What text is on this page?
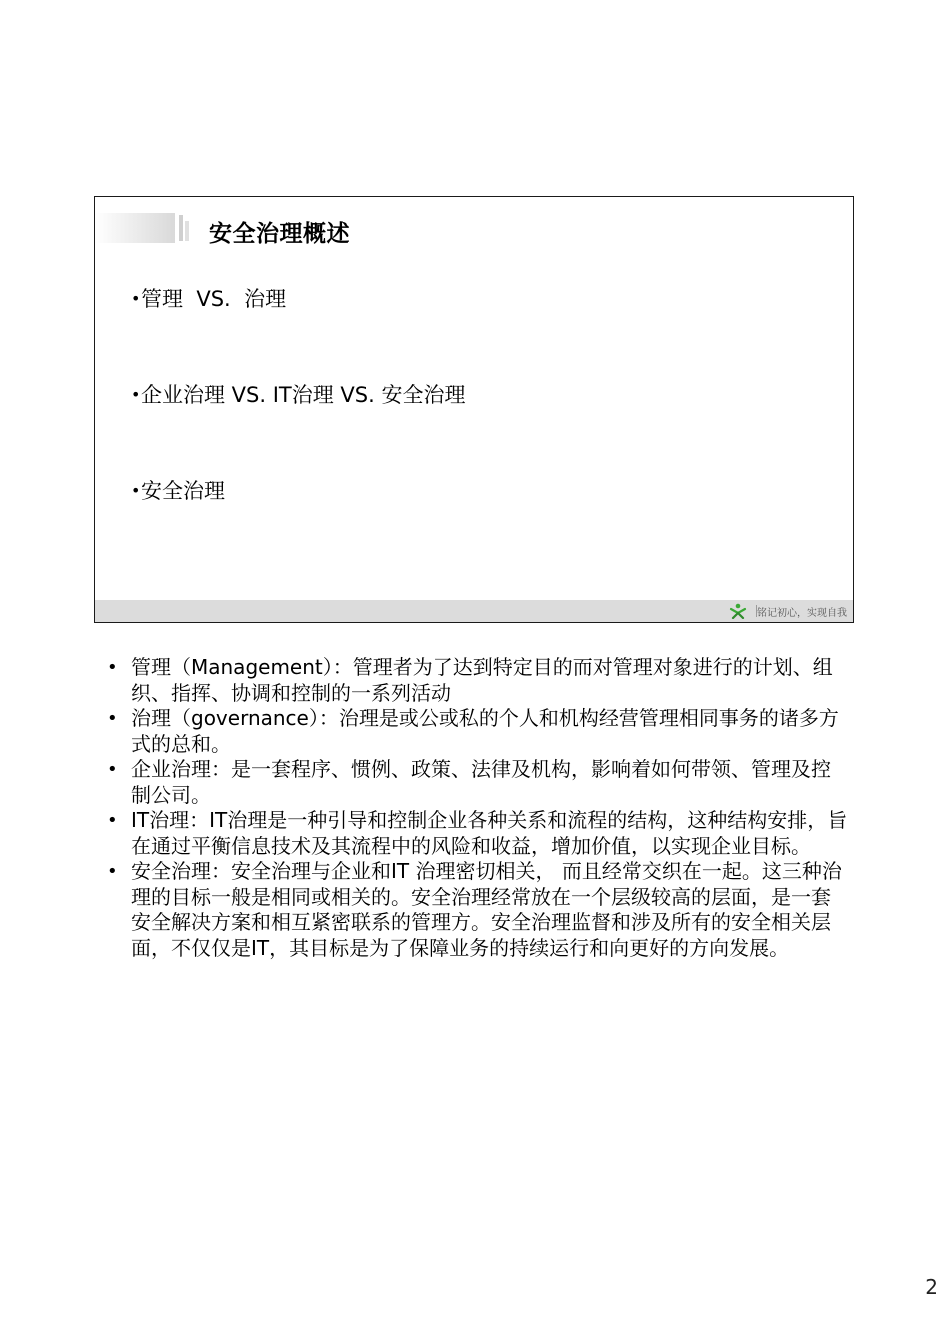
安全治理概述
•管理  VS.  治理
•企业治理 VS. IT治理 VS. 安全治理
•安全治理
铭记初心，实现自我
• 管理（Management）：管理者为了达到特定目的而对管理对象进行的计划、组织、指挥、协调和控制的一系列活动
• 治理（governance）：治理是或公或私的个人和机构经营管理相同事务的诸多方式的总和。
• 企业治理：是一套程序、惯例、政策、法律及机构，影响着如何带领、管理及控制公司。
• IT治理：IT治理是一种引导和控制企业各种关系和流程的结构，这种结构安排，旨在通过平衡信息技术及其流程中的风险和收益，增加价值，以实现企业目标。
• 安全治理：安全治理与企业和IT 治理密切相关， 而且经常交织在一起。这三种治理的目标一般是相同或相关的。安全治理经常放在一个层级较高的层面，是一套安全解决方案和相互紧密联系的管理方。安全治理监督和涉及所有的安全相关层面，不仅仅是IT，其目标是为了保障业务的持续运行和向更好的方向发展。
2
